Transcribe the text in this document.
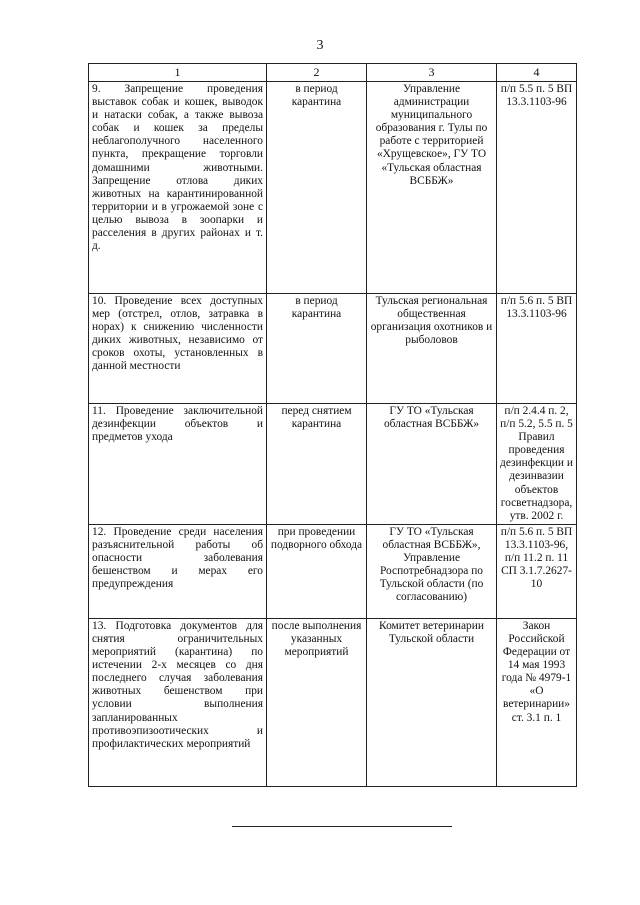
3
1	2	3	4
9. Запрещение проведения выставок собак и кошек, выводок и натаски собак, а также вывоза собак и кошек за пределы неблагополучного населенного пункта, прекращение торговли домашними животными. Запрещение отлова диких животных на карантинированной территории и в угрожаемой зоне с целью вывоза в зоопарки и расселения в других районах и т. д.	в период карантина	Управление администрации муниципального образования г. Тулы по работе с территорией «Хрущевское», ГУ ТО «Тульская областная ВСББЖ»	п/п 5.5 п. 5 ВП 13.3.1103-96
10. Проведение всех доступных мер (отстрел, отлов, затравка в норах) к снижению численности диких животных, независимо от сроков охоты, установленных в данной местности	в период карантина	Тульская региональная общественная организация охотников и рыболовов	п/п 5.6 п. 5 ВП 13.3.1103-96
11. Проведение заключительной дезинфекции объектов и предметов ухода	перед снятием карантина	ГУ ТО «Тульская областная ВСББЖ»	п/п 2.4.4 п. 2, п/п 5.2, 5.5 п. 5 Правил проведения дезинфекции и дезинвазии объектов госветнадзора, утв. 2002 г.
12. Проведение среди населения разъяснительной работы об опасности заболевания бешенством и мерах его предупреждения	при проведении подворного обхода	ГУ ТО «Тульская областная ВСББЖ», Управление Роспотребнадзора по Тульской области (по согласованию)	п/п 5.6 п. 5 ВП 13.3.1103-96, п/п 11.2 п. 11 СП 3.1.7.2627-10
13. Подготовка документов для снятия ограничительных мероприятий (карантина) по истечении 2-х месяцев со дня последнего случая заболевания животных бешенством при условии выполнения запланированных противоэпизоотических и профилактических мероприятий	после выполнения указанных мероприятий	Комитет ветеринарии Тульской области	Закон Российской Федерации от 14 мая 1993 года № 4979-1 «О ветеринарии» ст. 3.1 п. 1
